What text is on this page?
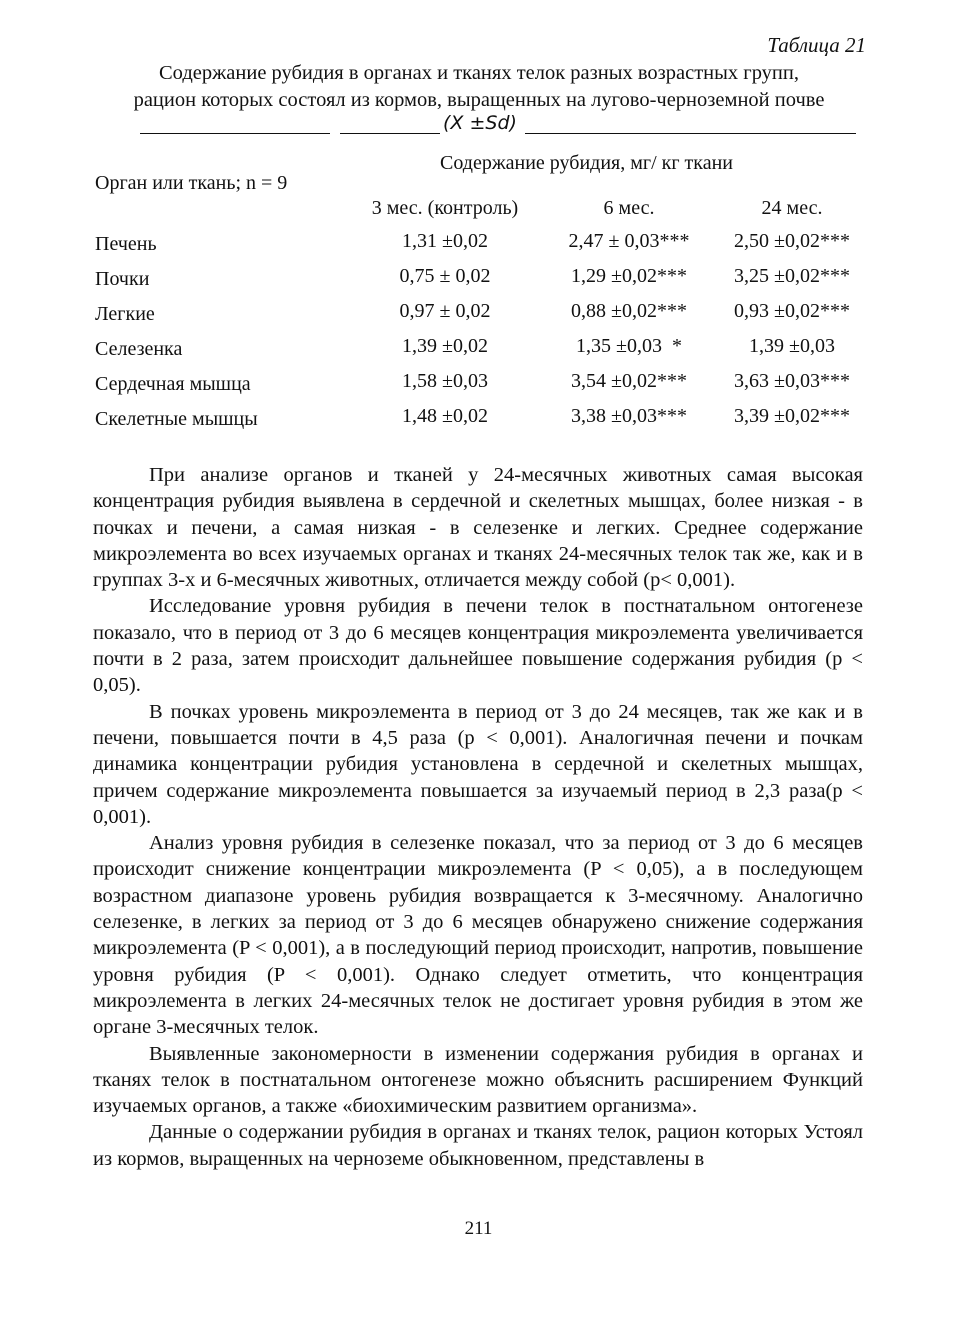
Таблица 21
Содержание рубидия в органах и тканях телок разных возрастных групп,
рацион которых состоял из кормов, выращенных на лугово-черноземной почве
(X ±Sd)
Орган или ткань; n = 9
Содержание рубидия, мг/ кг ткани
3 мес. (контроль)	6 мес.	24 мес.
Печень	1,31 ±0,02	2,47 ± 0,03***	2,50 ±0,02***
Почки	0,75 ± 0,02	1,29 ±0,02***	3,25 ±0,02***
Легкие	0,97 ± 0,02	0,88 ±0,02***	0,93 ±0,02***
Селезенка	1,39 ±0,02	1,35 ±0,03  *	1,39 ±0,03
Сердечная мышца	1,58 ±0,03	3,54 ±0,02***	3,63 ±0,03***
Скелетные мышцы	1,48 ±0,02	3,38 ±0,03***	3,39 ±0,02***

При анализе органов и тканей у 24-месячных животных самая высокая концентрация рубидия выявлена в сердечной и скелетных мышцах, более низкая - в почках и печени, а самая низкая - в селезенке и легких. Среднее содержание микроэлемента во всех изучаемых органах и тканях 24-месячных телок так же, как и в группах 3-х и 6-месячных животных, отличается между собой (p< 0,001).

Исследование уровня рубидия в печени телок в постнатальном онтогенезе показало, что в период от 3 до 6 месяцев концентрация микроэлемента увеличивается почти в 2 раза, затем происходит дальнейшее повышение содержания рубидия (p < 0,05).

В почках уровень микроэлемента в период от 3 до 24 месяцев, так же как и в печени, повышается почти в 4,5 раза (p < 0,001). Аналогичная печени и почкам динамика концентрации рубидия установлена в сердечной и скелетных мышцах, причем содержание микроэлемента повышается за изучаемый период в 2,3 раза(p < 0,001).

Анализ уровня рубидия в селезенке показал, что за период от 3 до 6 месяцев происходит снижение концентрации микроэлемента (P < 0,05), а в последующем возрастном диапазоне уровень рубидия возвращается к 3-месячному. Аналогично селезенке, в легких за период от 3 до 6 месяцев обнаружено снижение содержания микроэлемента (P < 0,001), а в последующий период происходит, напротив, повышение уровня рубидия (P < 0,001). Однако следует отметить, что концентрация микроэлемента в легких 24-месячных телок не достигает уровня рубидия в этом же органе 3-месячных телок.

Выявленные закономерности в изменении содержания рубидия в органах и тканях телок в постнатальном онтогенезе можно объяснить расширением Функций изучаемых органов, а также «биохимическим развитием организма».

Данные о содержании рубидия в органах и тканях телок, рацион которых Устоял из кормов, выращенных на черноземе обыкновенном, представлены в

211
